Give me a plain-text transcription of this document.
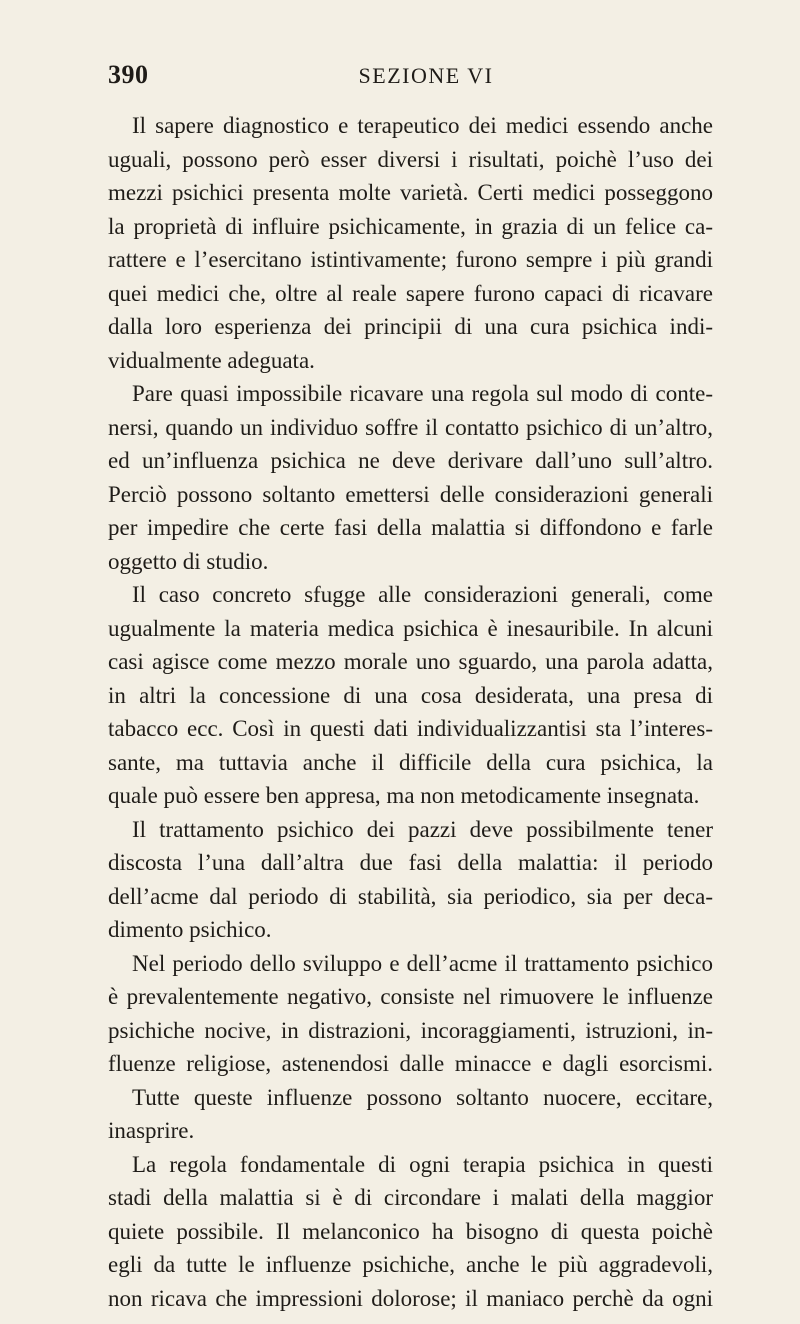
390	SEZIONE VI
Il sapere diagnostico e terapeutico dei medici essendo anche
uguali, possono però esser diversi i risultati, poichè l’uso dei
mezzi psichici presenta molte varietà. Certi medici posseggono
la proprietà di influire psichicamente, in grazia di un felice ca-
rattere e l’esercitano istintivamente; furono sempre i più grandi
quei medici che, oltre al reale sapere furono capaci di ricavare
dalla loro esperienza dei principii di una cura psichica indi-
vidualmente adeguata.
Pare quasi impossibile ricavare una regola sul modo di conte-
nersi, quando un individuo soffre il contatto psichico di un’altro,
ed un’influenza psichica ne deve derivare dall’uno sull’altro.
Perciò possono soltanto emettersi delle considerazioni generali
per impedire che certe fasi della malattia si diffondono e farle
oggetto di studio.
Il caso concreto sfugge alle considerazioni generali, come
ugualmente la materia medica psichica è inesauribile. In alcuni
casi agisce come mezzo morale uno sguardo, una parola adatta,
in altri la concessione di una cosa desiderata, una presa di
tabacco ecc. Così in questi dati individualizzantisi sta l’interes-
sante, ma tuttavia anche il difficile della cura psichica, la
quale può essere ben appresa, ma non metodicamente insegnata.
Il trattamento psichico dei pazzi deve possibilmente tener
discosta l’una dall’altra due fasi della malattia: il periodo
dell’acme dal periodo di stabilità, sia periodico, sia per deca-
dimento psichico.
Nel periodo dello sviluppo e dell’acme il trattamento psichico
è prevalentemente negativo, consiste nel rimuovere le influenze
psichiche nocive, in distrazioni, incoraggiamenti, istruzioni, in-
fluenze religiose, astenendosi dalle minacce e dagli esorcismi.
Tutte queste influenze possono soltanto nuocere, eccitare,
inasprire.
La regola fondamentale di ogni terapia psichica in questi
stadi della malattia si è di circondare i malati della maggior
quiete possibile. Il melanconico ha bisogno di questa poichè
egli da tutte le influenze psichiche, anche le più aggradevoli,
non ricava che impressioni dolorose; il maniaco perchè da ogni
